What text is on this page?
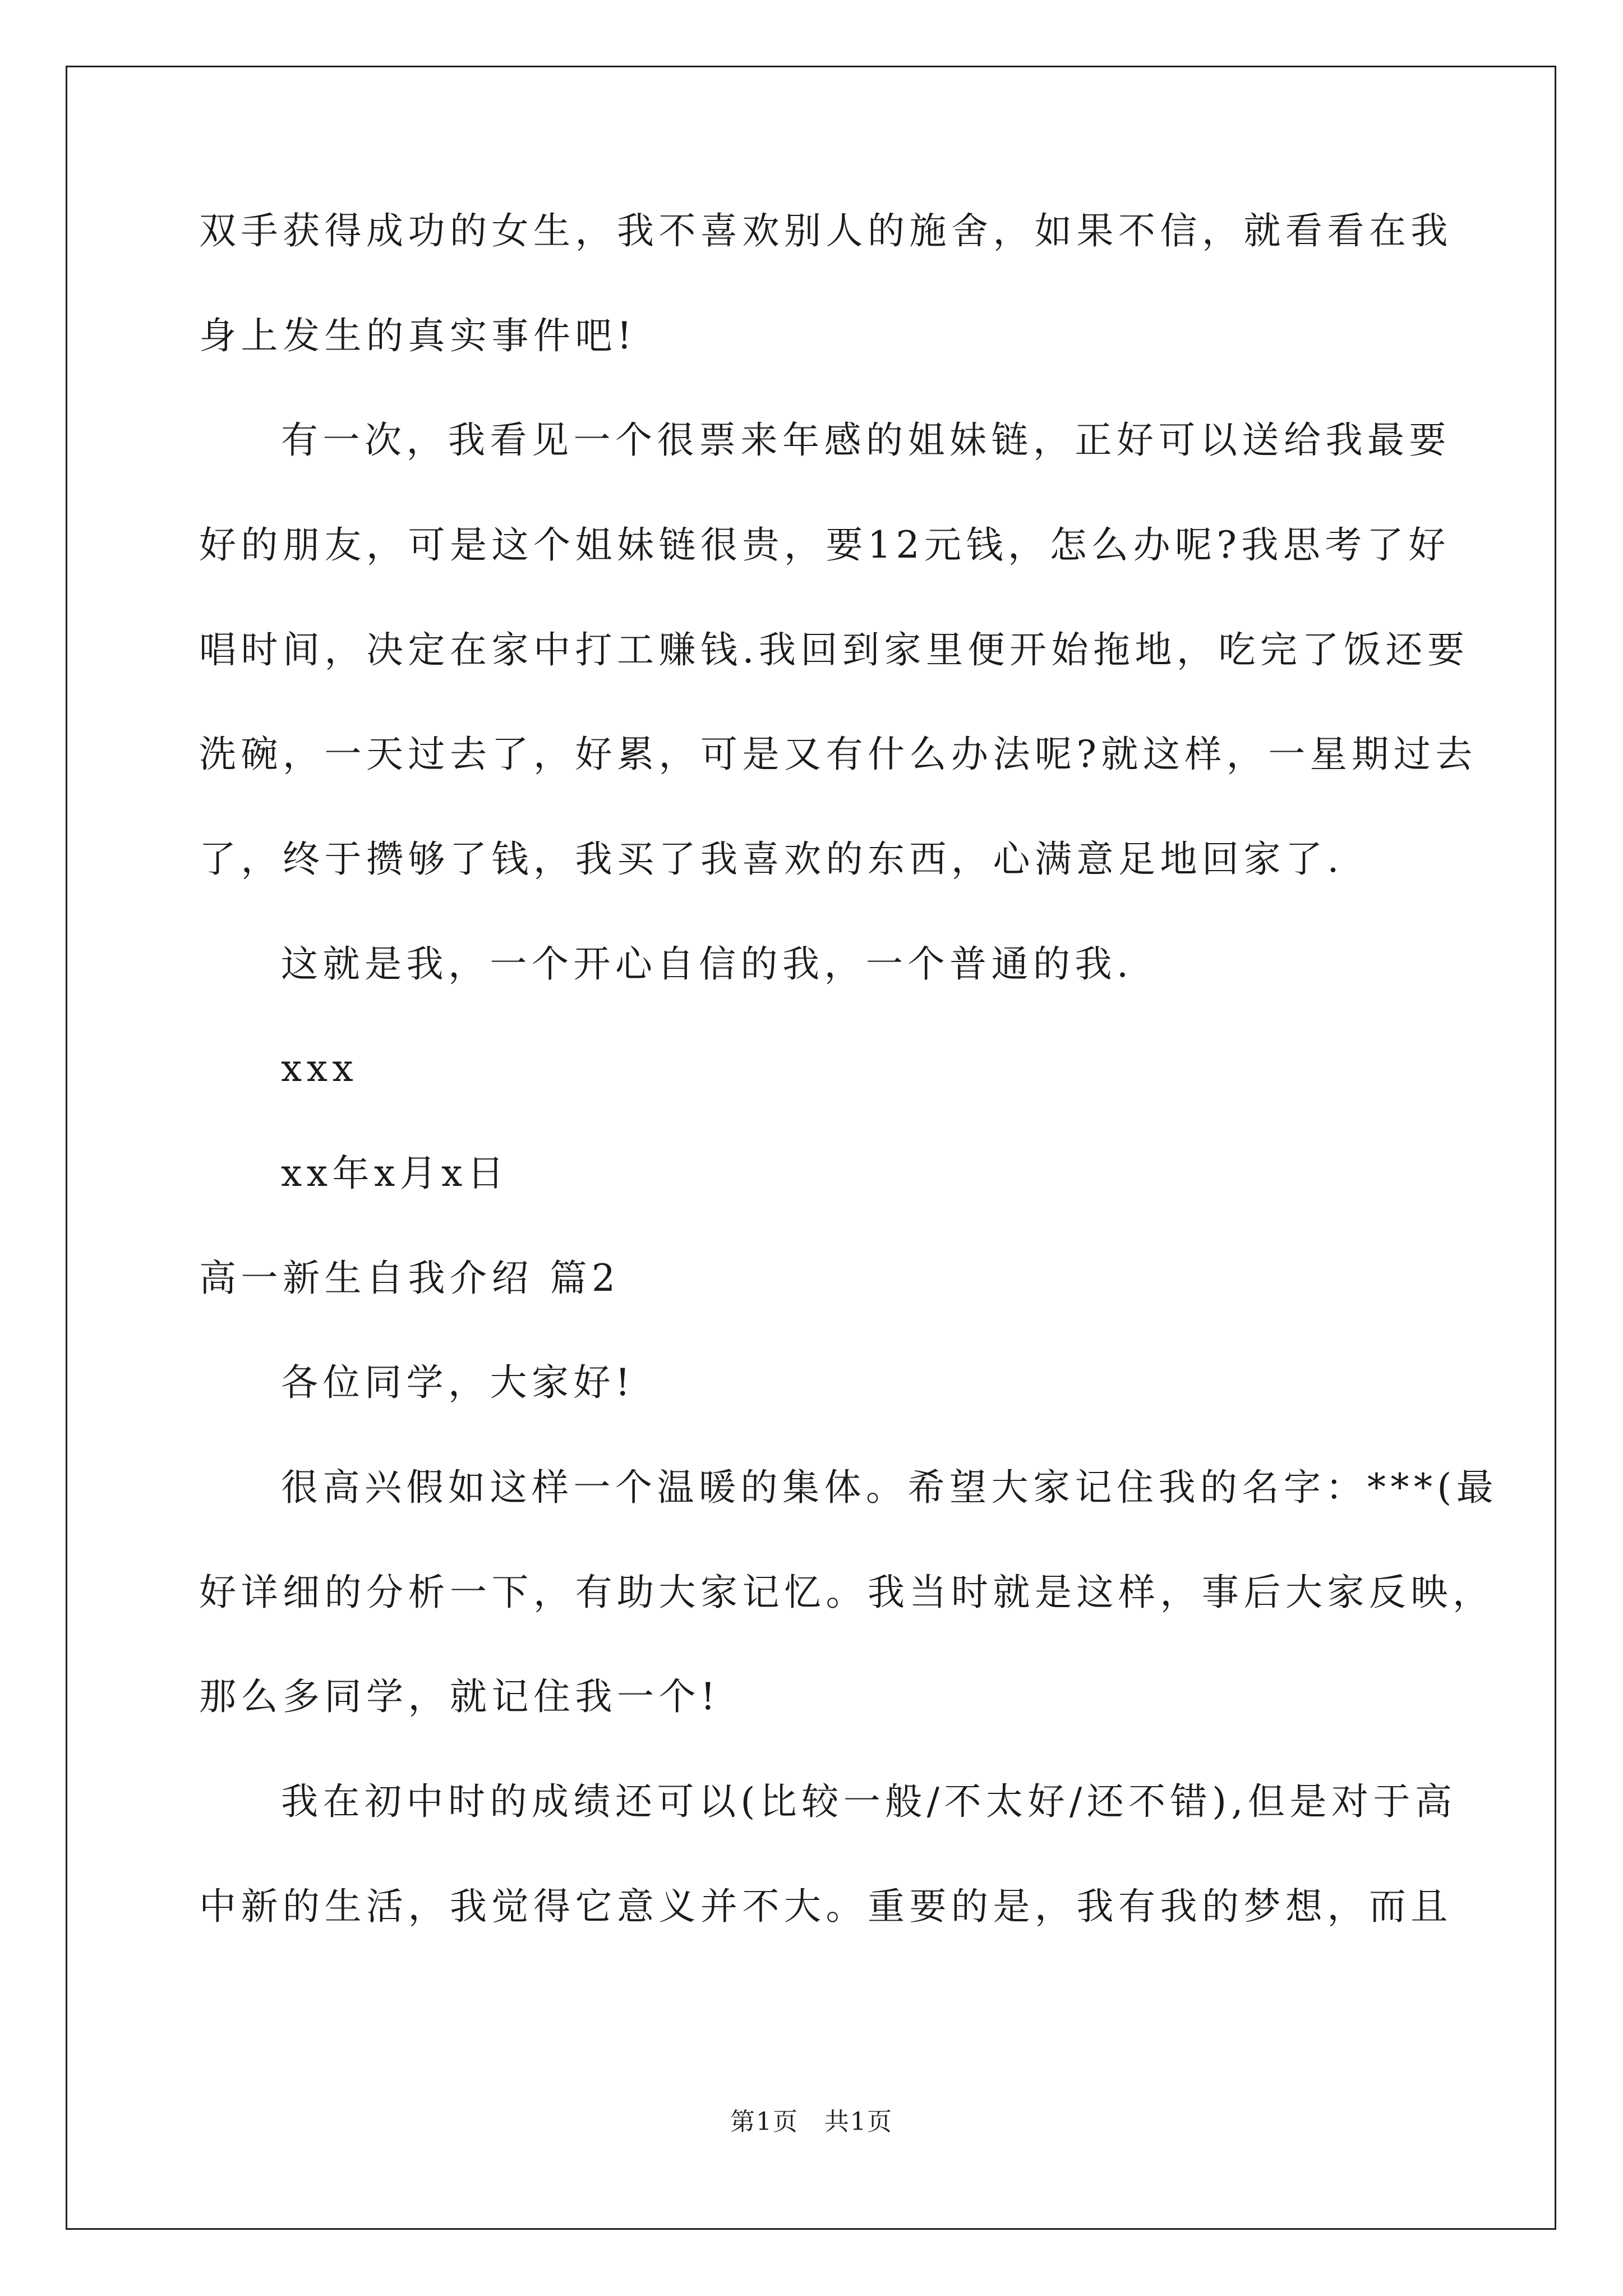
双手获得成功的女生，我不喜欢别人的施舍，如果不信，就看看在我
身上发生的真实事件吧!
有一次，我看见一个很票来年感的姐妹链，正好可以送给我最要
好的朋友，可是这个姐妹链很贵，要12元钱，怎么办呢?我思考了好
唱时间，决定在家中打工赚钱.我回到家里便开始拖地，吃完了饭还要
洗碗，一天过去了，好累，可是又有什么办法呢?就这样，一星期过去
了，终于攒够了钱，我买了我喜欢的东西，心满意足地回家了.
这就是我，一个开心自信的我，一个普通的我.
xxx
xx年x月x日
高一新生自我介绍 篇2
各位同学，大家好!
很高兴假如这样一个温暖的集体。希望大家记住我的名字：***(最
好详细的分析一下，有助大家记忆。我当时就是这样，事后大家反映，
那么多同学，就记住我一个!
我在初中时的成绩还可以(比较一般/不太好/还不错),但是对于高
中新的生活，我觉得它意义并不大。重要的是，我有我的梦想，而且
第1页　共1页
